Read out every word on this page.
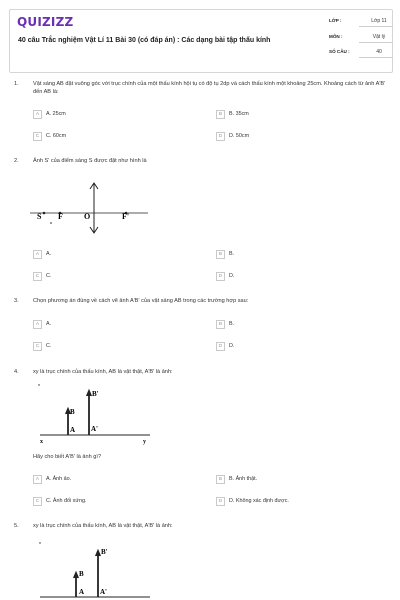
QUIZIZZ
40 câu Trắc nghiệm Vật Lí 11 Bài 30 (có đáp án) : Các dạng bài tập thấu kính
LỚP :	Lớp 11
MÔN :	Vật lý
SỐ CÂU :	40
1.	Vật sáng AB đặt vuông góc với trục chính của một thấu kính hội tụ có độ tụ 2dp và cách thấu kính một khoảng 25cm. Khoảng cách từ ảnh A'B' đến AB là:
A	A. 25cm	B	B. 35cm
C	C. 60cm	D	D. 50cm
2.	Ảnh S' của điểm sáng S được đặt như hình là
S F	O	F'
A	A.	B	B.
C	C.	D	D.
3.	Chọn phương án đúng về cách vẽ ảnh A'B' của vật sáng AB trong các trường hợp sau:
A	A.	B	B.
C	C.	D	D.
4.	xy là trục chính của thấu kính, AB là vật thật, A'B' là ảnh:
B'
B
A A'
x	y
Hãy cho biết A'B' là ảnh gì?
A	A. Ảnh ảo.	B	B. Ảnh thật.
C	C. Ảnh đối xứng.	D	D. Không xác định được.
5.	xy là trục chính của thấu kính, AB là vật thật, A'B' là ảnh:
B'
B
A A'
